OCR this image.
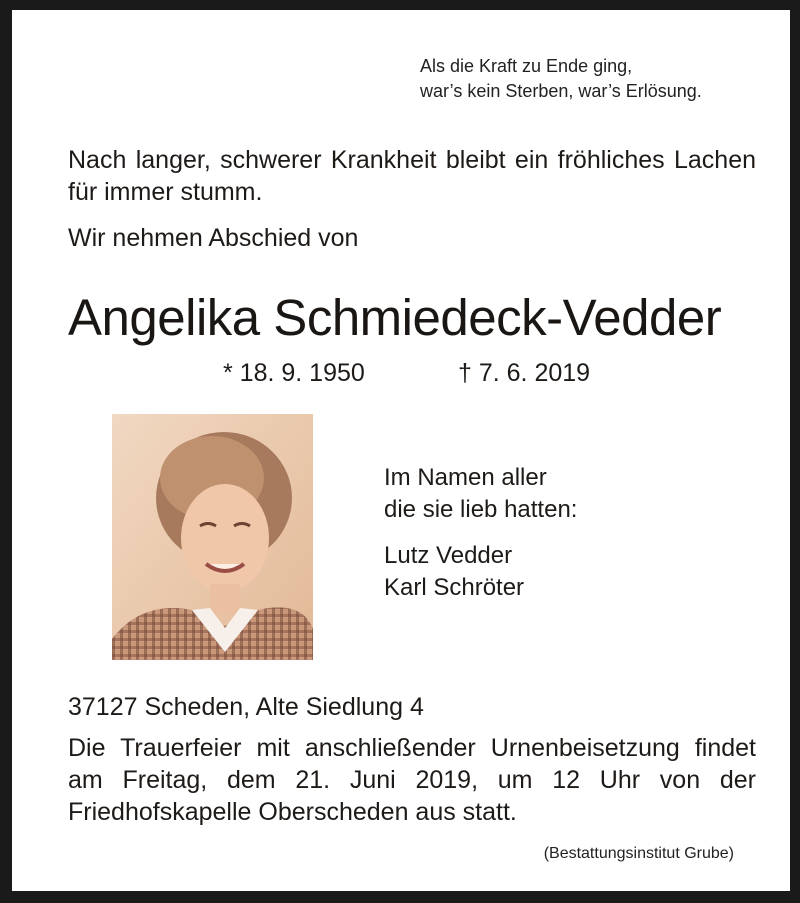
Als die Kraft zu Ende ging,
war’s kein Sterben, war’s Erlösung.
Nach langer, schwerer Krankheit bleibt ein fröhliches Lachen für immer stumm.
Wir nehmen Abschied von
Angelika Schmiedeck-Vedder
* 18. 9. 1950	† 7. 6. 2019
Im Namen aller
die sie lieb hatten:
Lutz Vedder
Karl Schröter
37127 Scheden, Alte Siedlung 4
Die Trauerfeier mit anschließender Urnenbeisetzung findet am Freitag, dem 21. Juni 2019, um 12 Uhr von der Friedhofskapelle Oberscheden aus statt.
(Bestattungsinstitut Grube)
